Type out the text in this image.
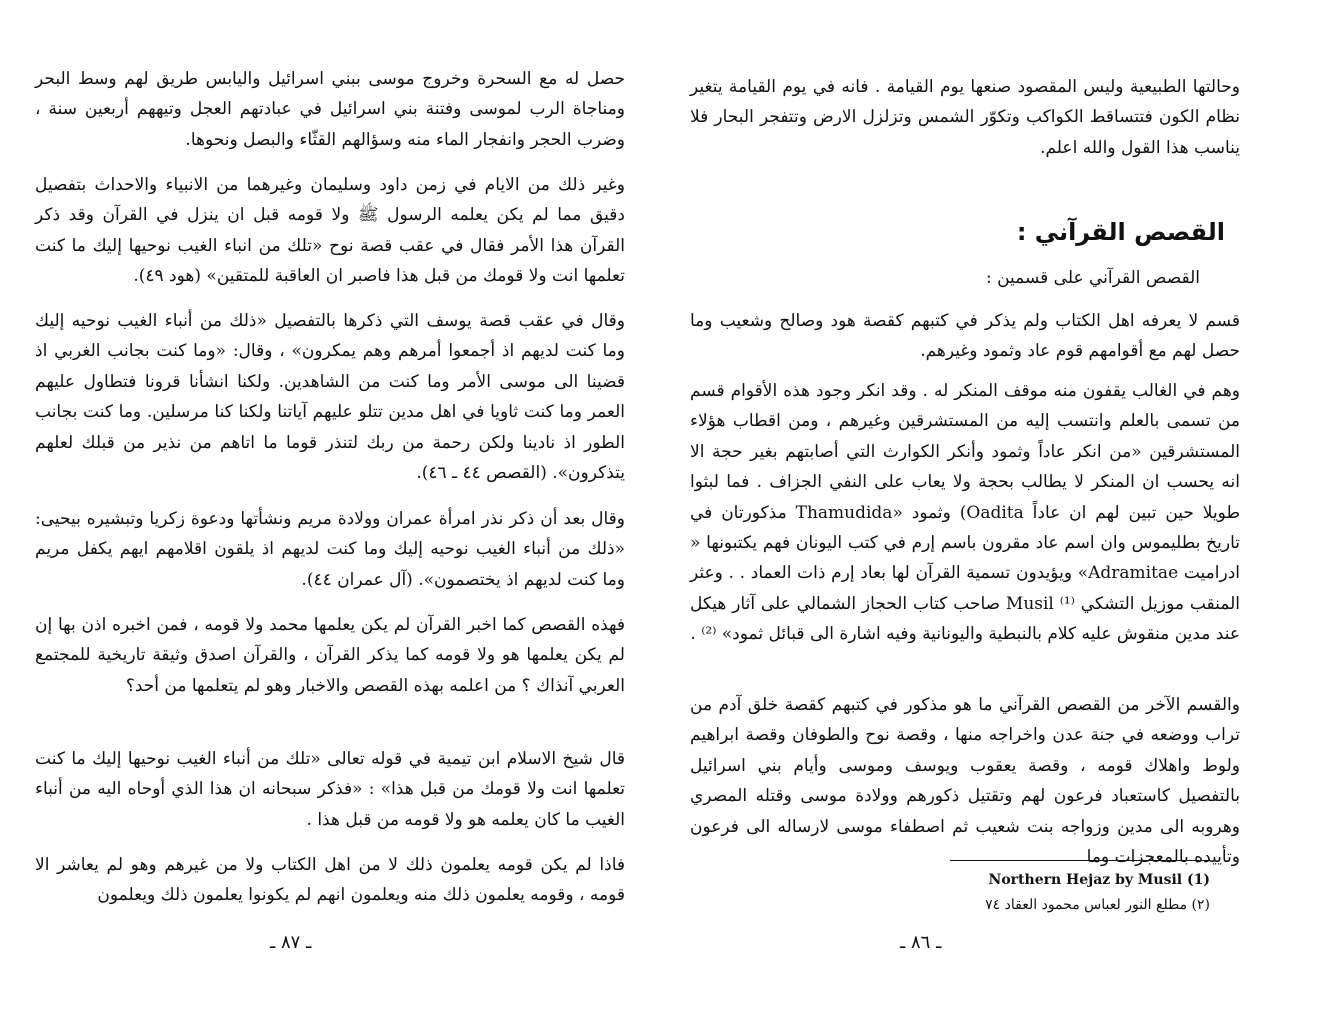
حصل له مع السحرة وخروج موسى ببني اسرائيل واليابس طريق لهم وسط البحر ومناجاة الرب لموسى وفتنة بني اسرائيل في عبادتهم العجل وتيههم أربعين سنة ، وضرب الحجر وانفجار الماء منه وسؤالهم القثّاء والبصل ونحوها.

وغير ذلك من الايام في زمن داود وسليمان وغيرهما من الانبياء والاحداث بتفصيل دقيق مما لم يكن يعلمه الرسول ﷺ ولا قومه قبل ان ينزل في القرآن وقد ذكر القرآن هذا الأمر فقال في عقب قصة نوح «تلك من انباء الغيب نوحيها إليك ما كنت تعلمها انت ولا قومك من قبل هذا فاصبر ان العاقبة للمتقين» (هود ٤٩).

وقال في عقب قصة يوسف التي ذكرها بالتفصيل «ذلك من أنباء الغيب نوحيه إليك وما كنت لديهم اذ أجمعوا أمرهم وهم يمكرون» ، وقال: «وما كنت بجانب الغربي اذ قضينا الى موسى الأمر وما كنت من الشاهدين. ولكنا انشأنا قرونا فتطاول عليهم العمر وما كنت ثاويا في اهل مدين تتلو عليهم آياتنا ولكنا كنا مرسلين. وما كنت بجانب الطور اذ نادينا ولكن رحمة من ربك لتنذر قوما ما اتاهم من نذير من قبلك لعلهم يتذكرون». (القصص ٤٤ ـ ٤٦).

وقال بعد أن ذكر نذر امرأة عمران وولادة مريم ونشأتها ودعوة زكريا وتبشيره بيحيى: «ذلك من أنباء الغيب نوحيه إليك وما كنت لديهم اذ يلقون اقلامهم ايهم يكفل مريم وما كنت لديهم اذ يختصمون». (آل عمران ٤٤).

فهذه القصص كما اخبر القرآن لم يكن يعلمها محمد ولا قومه ، فمن اخبره اذن بها إن لم يكن يعلمها هو ولا قومه كما يذكر القرآن ، والقرآن اصدق وثيقة تاريخية للمجتمع العربي آنذاك ؟ من اعلمه بهذه القصص والاخبار وهو لم يتعلمها من أحد؟

قال شيخ الاسلام ابن تيمية في قوله تعالى «تلك من أنباء الغيب نوحيها إليك ما كنت تعلمها انت ولا قومك من قبل هذا» : «فذكر سبحانه ان هذا الذي أوحاه اليه من أنباء الغيب ما كان يعلمه هو ولا قومه من قبل هذا .

فاذا لم يكن قومه يعلمون ذلك لا من اهل الكتاب ولا من غيرهم وهو لم يعاشر الا قومه ، وقومه يعلمون ذلك منه ويعلمون انهم لم يكونوا يعلمون ذلك ويعلمون

ـ ٨٧ ـ

وحالتها الطبيعية وليس المقصود صنعها يوم القيامة . فانه في يوم القيامة يتغير نظام الكون فتتساقط الكواكب وتكوّر الشمس وتزلزل الارض وتتفجر البحار فلا يناسب هذا القول والله اعلم.

القصص القرآني :

القصص القرآني على قسمين :

قسم لا يعرفه اهل الكتاب ولم يذكر في كتبهم كقصة هود وصالح وشعيب وما حصل لهم مع أقوامهم قوم عاد وثمود وغيرهم.

وهم في الغالب يقفون منه موقف المنكر له . وقد انكر وجود هذه الأقوام قسم من تسمى بالعلم وانتسب إليه من المستشرقين وغيرهم ، ومن اقطاب هؤلاء المستشرقين «من انكر عاداً وثمود وأنكر الكوارث التي أصابتهم بغير حجة الا انه يحسب ان المنكر لا يطالب بحجة ولا يعاب على النفي الجزاف . فما لبثوا طويلا حين تبين لهم ان عاداً Oadita) وثمود «Thamudida مذكورتان في تاريخ بطليموس وان اسم عاد مقرون باسم إرم في كتب اليونان فهم يكتبونها « ادراميت Adramitae» ويؤيدون تسمية القرآن لها بعاد إرم ذات العماد . . وعثر المنقب موزيل التشكي Musil ⁽¹⁾ صاحب كتاب الحجاز الشمالي على آثار هيكل عند مدين منقوش عليه كلام بالنبطية واليونانية وفيه اشارة الى قبائل ثمود» ⁽²⁾ .

والقسم الآخر من القصص القرآني ما هو مذكور في كتبهم كقصة خلق آدم من تراب ووضعه في جنة عدن واخراجه منها ، وقصة نوح والطوفان وقصة ابراهيم ولوط واهلاك قومه ، وقصة يعقوب ويوسف وموسى وأيام بني اسرائيل بالتفصيل كاستعباد فرعون لهم وتقتيل ذكورهم وولادة موسى وقتله المصري وهروبه الى مدين وزواجه بنت شعيب ثم اصطفاء موسى لارساله الى فرعون وتأييده بالمعجزات وما

(1) Northern Hejaz by Musil

(٢) مطلع النور لعباس محمود العقاد ٧٤

ـ ٨٦ ـ
